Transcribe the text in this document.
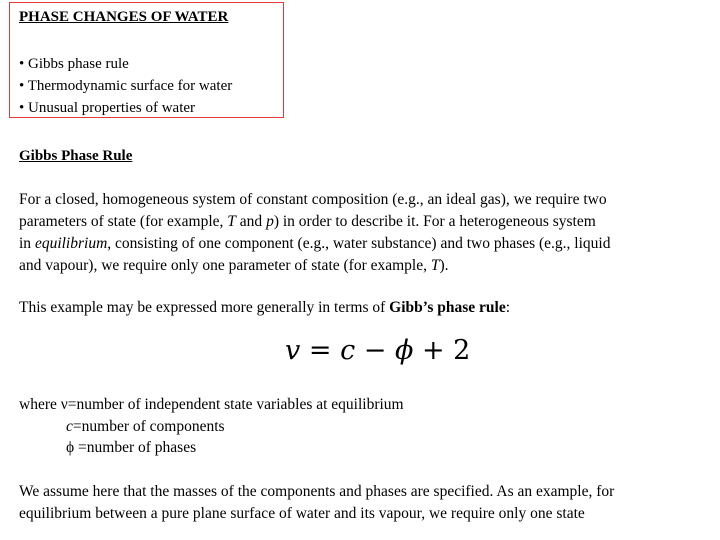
PHASE CHANGES OF WATER
• Gibbs phase rule
• Thermodynamic surface for water
• Unusual properties of water
Gibbs Phase Rule
For a closed, homogeneous system of constant composition (e.g., an ideal gas), we require two
parameters of state (for example, T and p) in order to describe it. For a heterogeneous system
in equilibrium, consisting of one component (e.g., water substance) and two phases (e.g., liquid
and vapour), we require only one parameter of state (for example, T).
This example may be expressed more generally in terms of Gibb’s phase rule:
v = c − ϕ + 2
where ν=number of independent state variables at equilibrium
c=number of components
ϕ =number of phases
We assume here that the masses of the components and phases are specified. As an example, for
equilibrium between a pure plane surface of water and its vapour, we require only one state
